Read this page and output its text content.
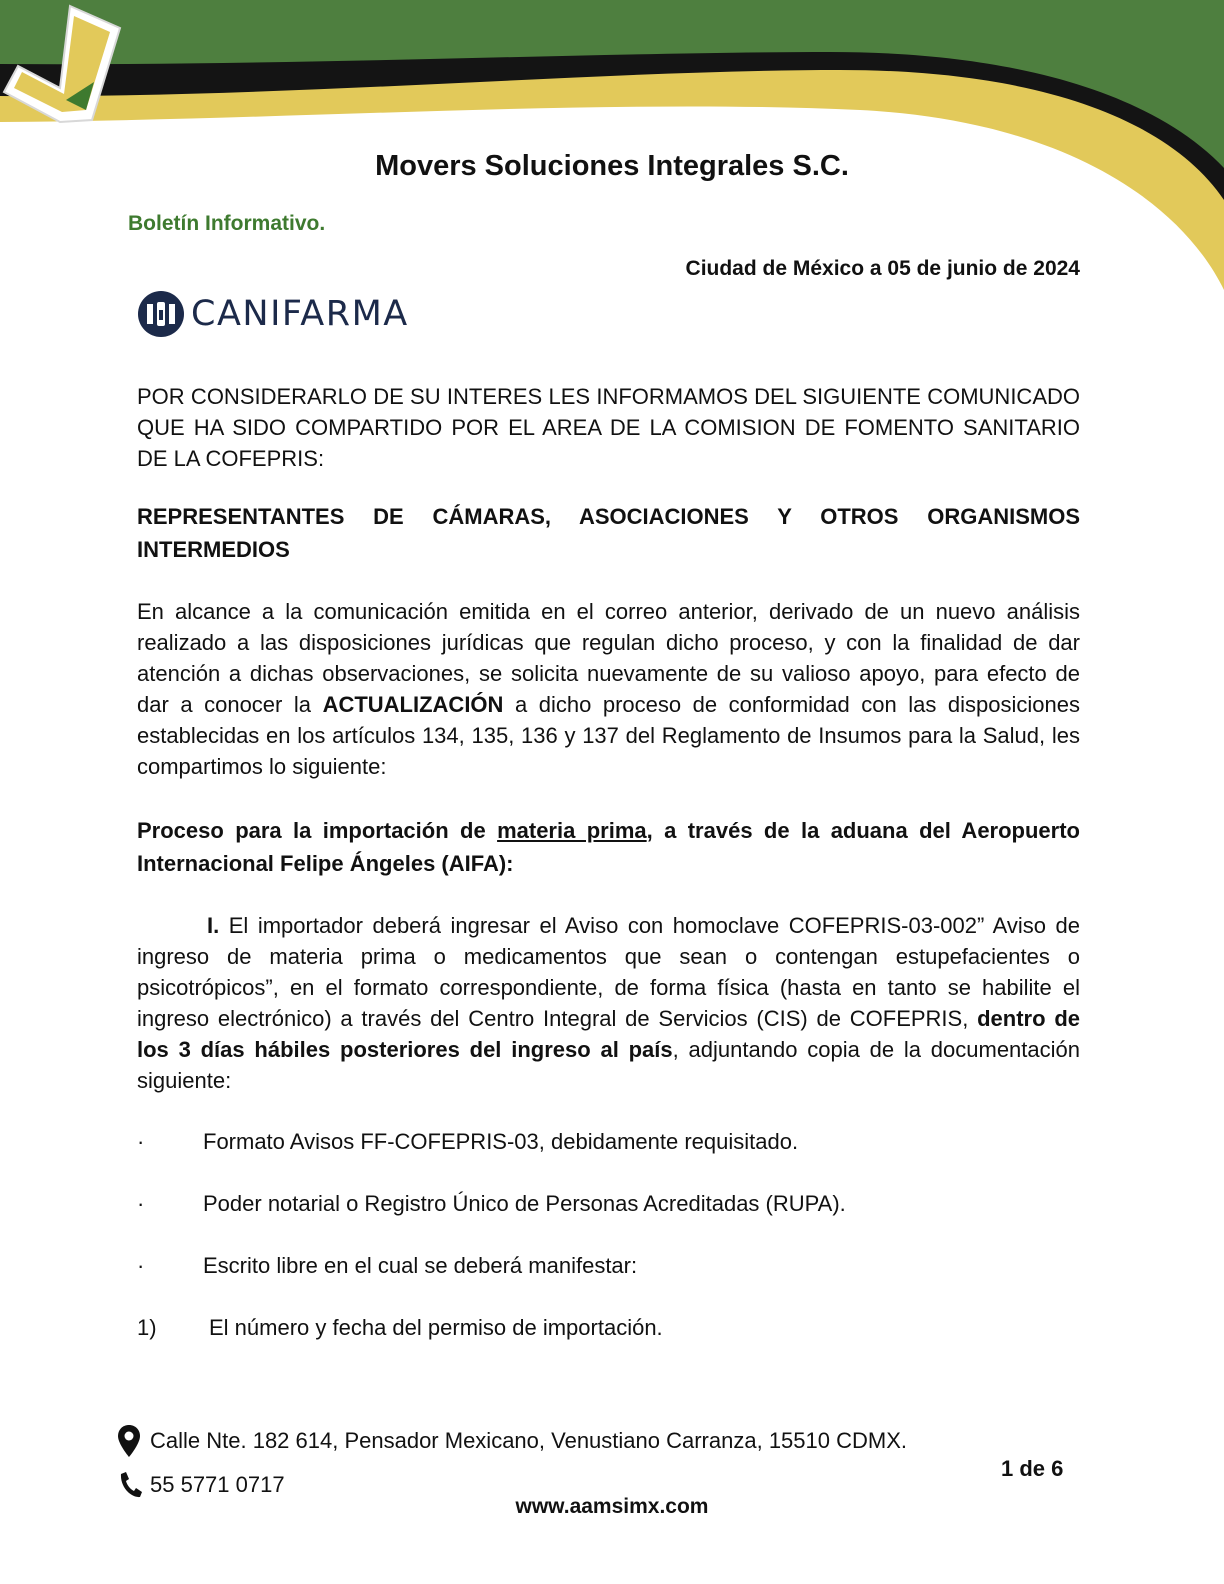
Movers Soluciones Integrales S.C.
Boletín Informativo.
Ciudad de México a 05 de junio de 2024
CANIFARMA
POR CONSIDERARLO DE SU INTERES LES INFORMAMOS DEL SIGUIENTE COMUNICADO QUE HA SIDO COMPARTIDO POR EL AREA DE LA COMISION DE FOMENTO SANITARIO DE LA COFEPRIS:
REPRESENTANTES DE CÁMARAS, ASOCIACIONES Y OTROS ORGANISMOS INTERMEDIOS
En alcance a la comunicación emitida en el correo anterior, derivado de un nuevo análisis realizado a las disposiciones jurídicas que regulan dicho proceso, y con la finalidad de dar atención a dichas observaciones, se solicita nuevamente de su valioso apoyo, para efecto de dar a conocer la ACTUALIZACIÓN a dicho proceso de conformidad con las disposiciones establecidas en los artículos 134, 135, 136 y 137 del Reglamento de Insumos para la Salud, les compartimos lo siguiente:
Proceso para la importación de materia prima, a través de la aduana del Aeropuerto Internacional Felipe Ángeles (AIFA):
I. El importador deberá ingresar el Aviso con homoclave COFEPRIS-03-002” Aviso de ingreso de materia prima o medicamentos que sean o contengan estupefacientes o psicotrópicos”, en el formato correspondiente, de forma física (hasta en tanto se habilite el ingreso electrónico) a través del Centro Integral de Servicios (CIS) de COFEPRIS, dentro de los 3 días hábiles posteriores del ingreso al país, adjuntando copia de la documentación siguiente:
·	Formato Avisos FF-COFEPRIS-03, debidamente requisitado.
·	Poder notarial o Registro Único de Personas Acreditadas (RUPA).
·	Escrito libre en el cual se deberá manifestar:
1)	El número y fecha del permiso de importación.
Calle Nte. 182 614, Pensador Mexicano, Venustiano Carranza, 15510 CDMX.
55 5771 0717
1 de 6
www.aamsimx.com
